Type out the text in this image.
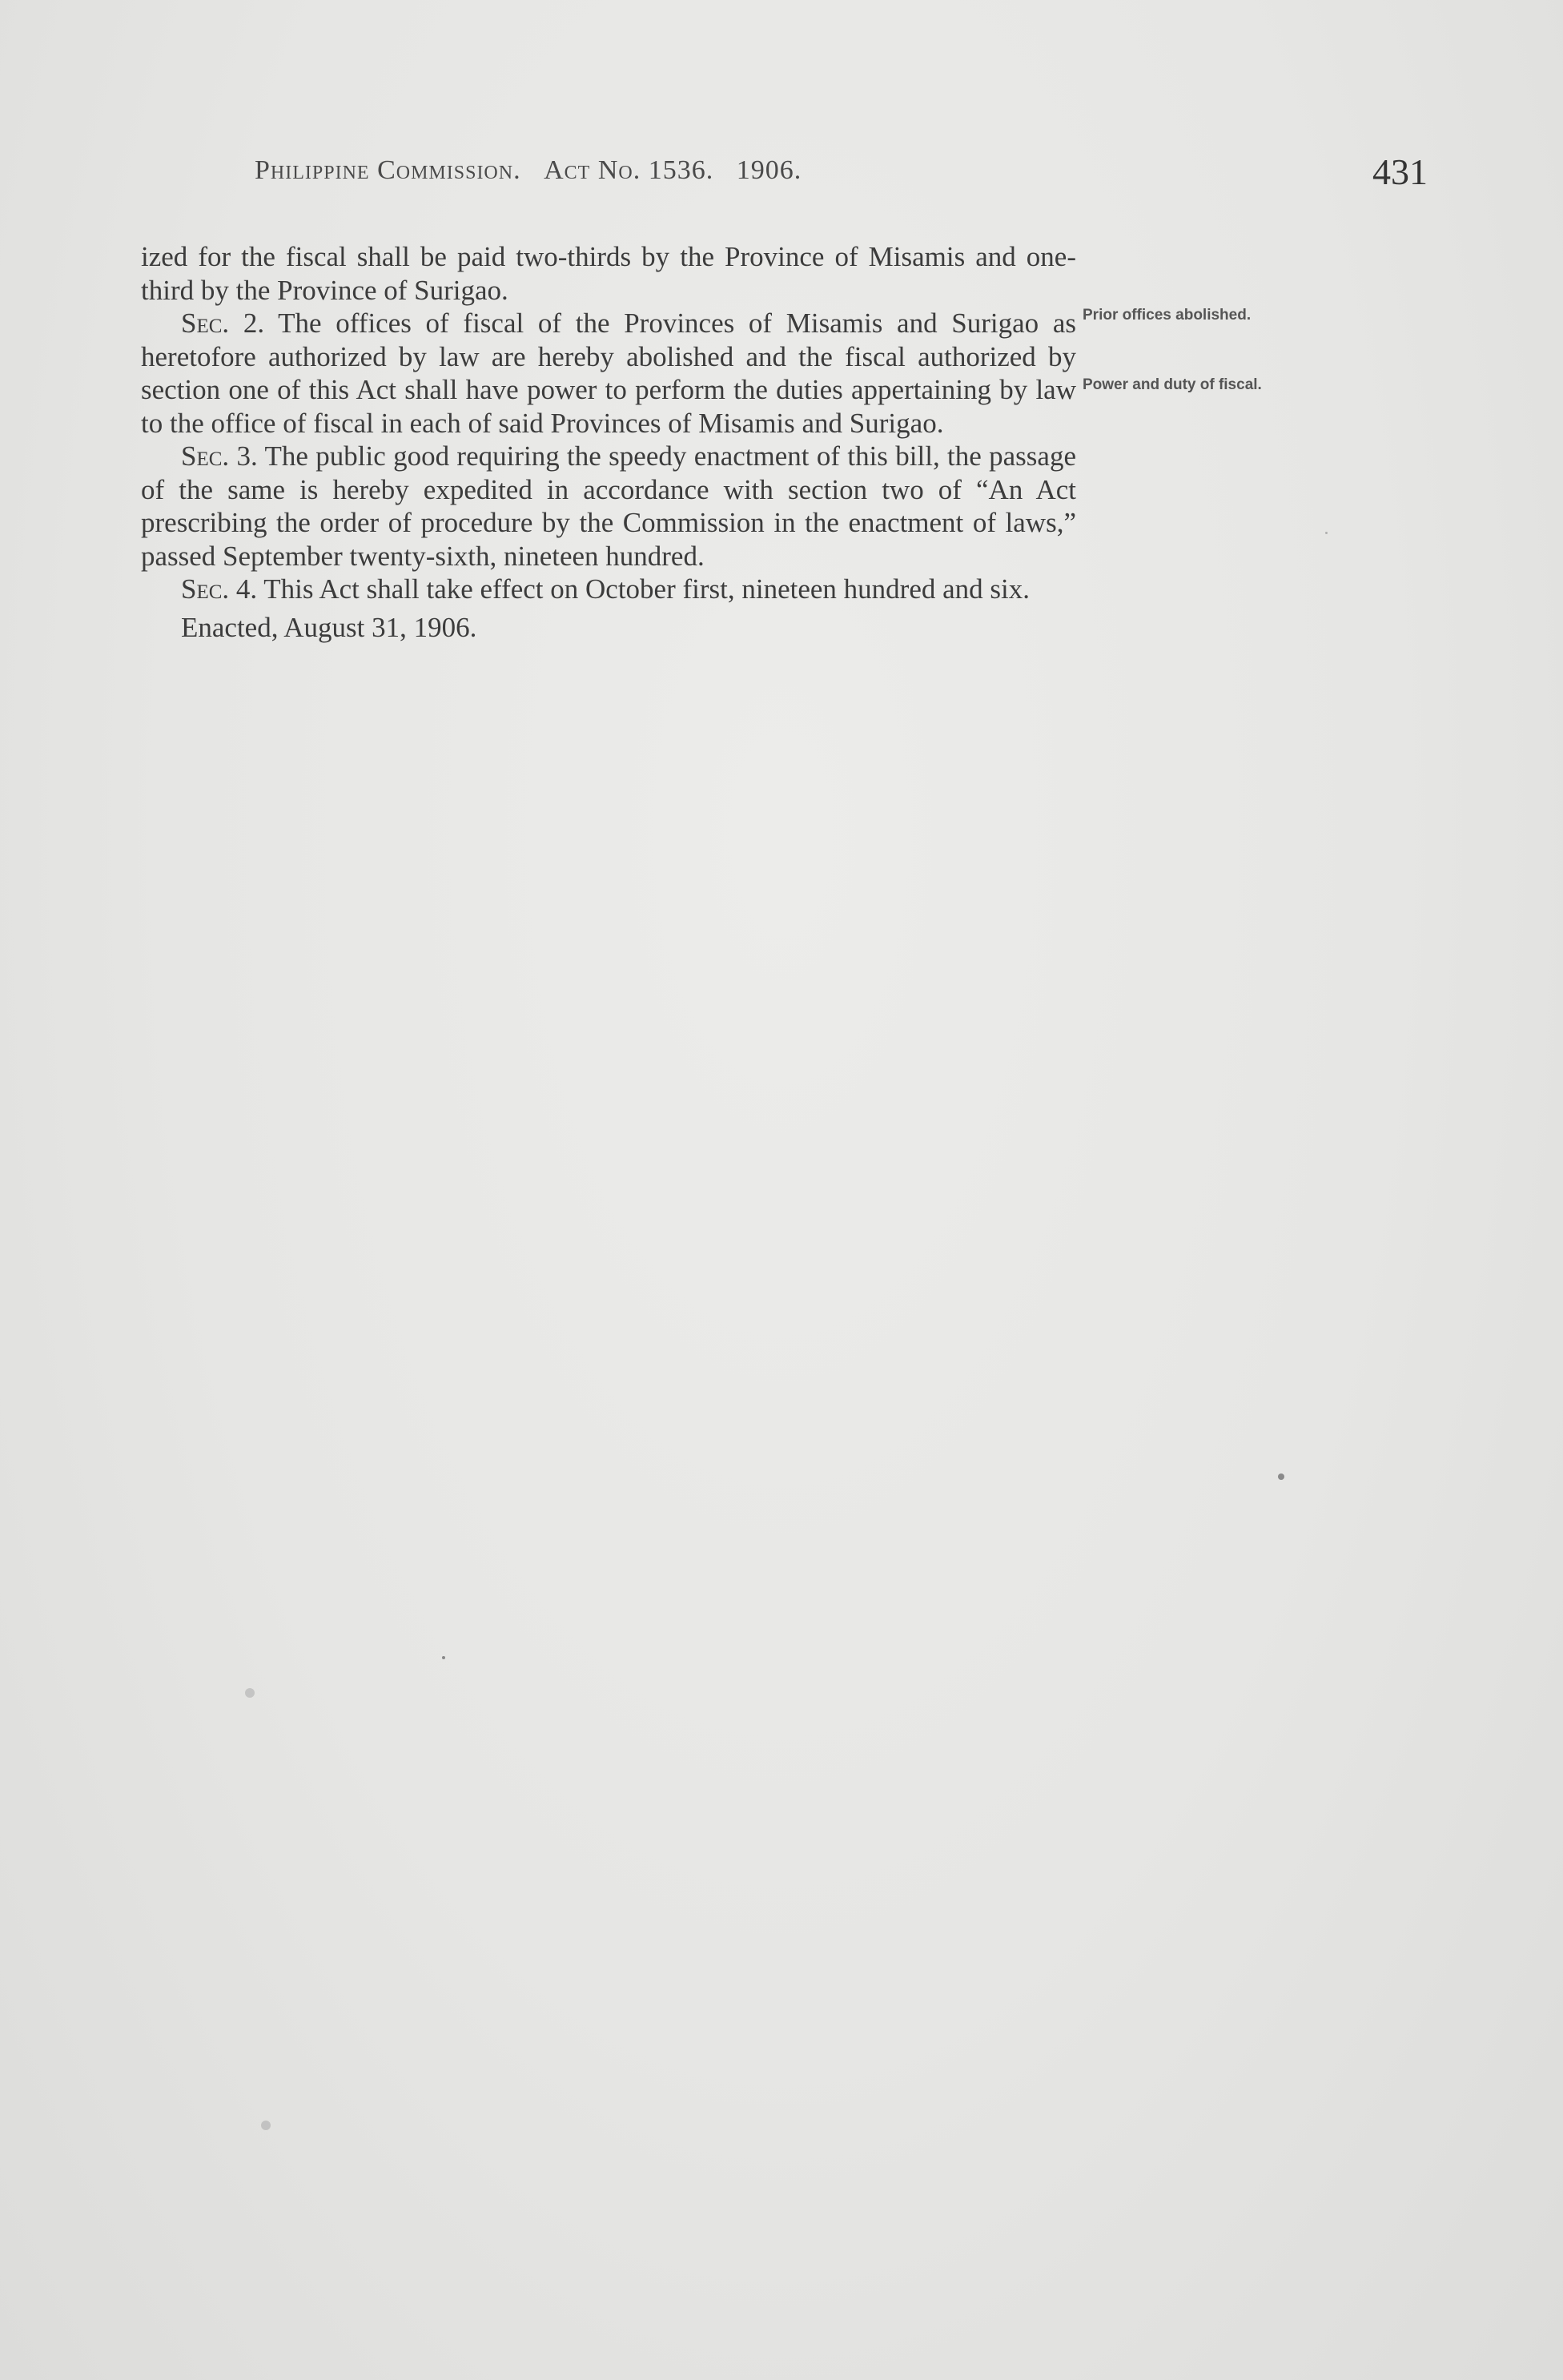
Philippine Commission. Act No. 1536. 1906.	431

ized for the fiscal shall be paid two-thirds by the Province of Misamis and one-third by the Province of Surigao.

Sec. 2. The offices of fiscal of the Provinces of Misamis and Surigao as heretofore authorized by law are hereby abolished and the fiscal authorized by section one of this Act shall have power to perform the duties appertaining by law to the office of fiscal in each of said Provinces of Misamis and Surigao.

Sec. 3. The public good requiring the speedy enactment of this bill, the passage of the same is hereby expedited in accordance with section two of “An Act prescribing the order of procedure by the Commission in the enactment of laws,” passed September twenty-sixth, nineteen hundred.

Sec. 4. This Act shall take effect on October first, nineteen hundred and six.

Enacted, August 31, 1906.

Prior offices abolished.
Power and duty of fiscal.
